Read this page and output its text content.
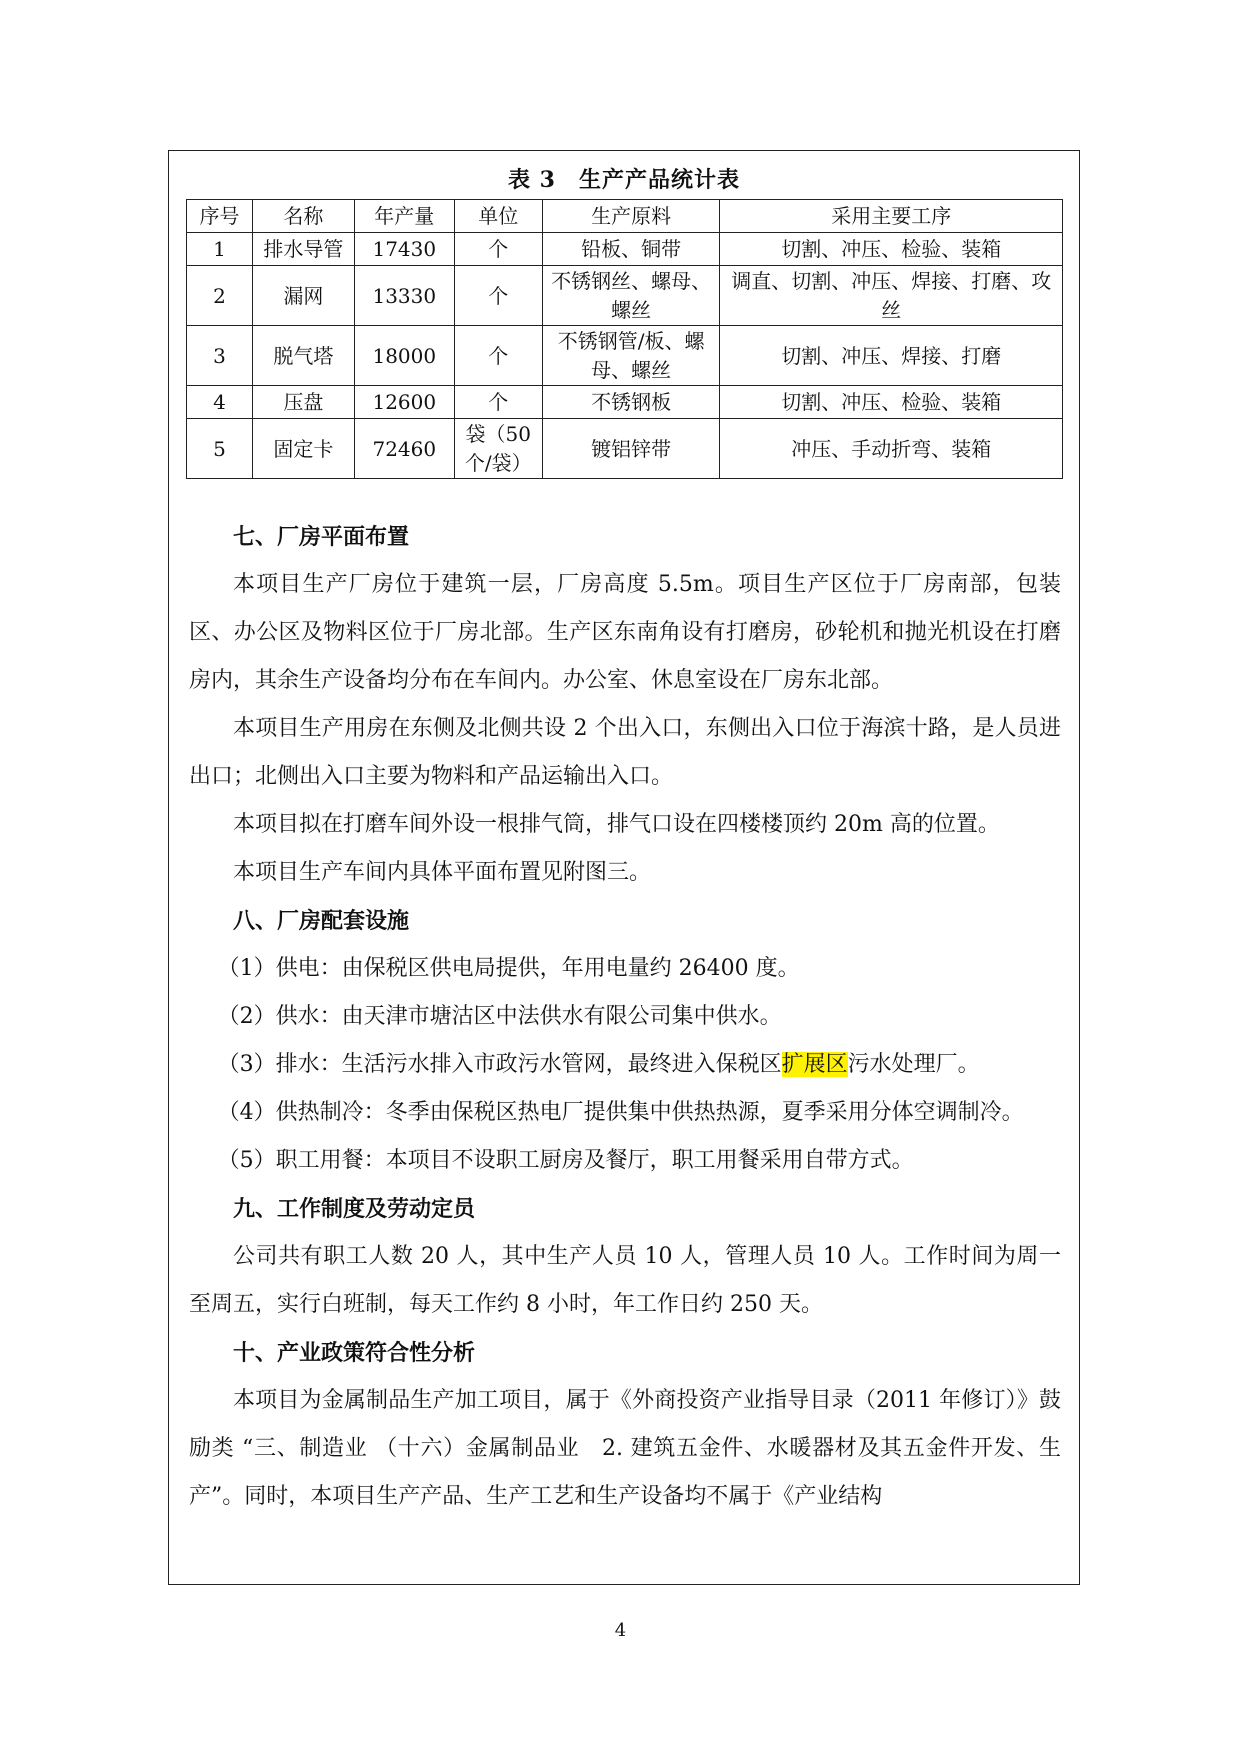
表 3　生产产品统计表
序号	名称	年产量	单位	生产原料	采用主要工序
1	排水导管	17430	个	铅板、铜带	切割、冲压、检验、装箱
2	漏网	13330	个	不锈钢丝、螺母、螺丝	调直、切割、冲压、焊接、打磨、攻丝
3	脱气塔	18000	个	不锈钢管/板、螺母、螺丝	切割、冲压、焊接、打磨
4	压盘	12600	个	不锈钢板	切割、冲压、检验、装箱
5	固定卡	72460	袋（50个/袋）	镀铝锌带	冲压、手动折弯、装箱
七、厂房平面布置

本项目生产厂房位于建筑一层，厂房高度 5.5m。项目生产区位于厂房南部，包装区、办公区及物料区位于厂房北部。生产区东南角设有打磨房，砂轮机和抛光机设在打磨房内，其余生产设备均分布在车间内。办公室、休息室设在厂房东北部。

本项目生产用房在东侧及北侧共设 2 个出入口，东侧出入口位于海滨十路，是人员进出口；北侧出入口主要为物料和产品运输出入口。

本项目拟在打磨车间外设一根排气筒，排气口设在四楼楼顶约 20m 高的位置。

本项目生产车间内具体平面布置见附图三。

八、厂房配套设施

（1）供电：由保税区供电局提供，年用电量约 26400 度。

（2）供水：由天津市塘沽区中法供水有限公司集中供水。

（3）排水：生活污水排入市政污水管网，最终进入保税区扩展区污水处理厂。

（4）供热制冷：冬季由保税区热电厂提供集中供热热源，夏季采用分体空调制冷。

（5）职工用餐：本项目不设职工厨房及餐厅，职工用餐采用自带方式。

九、工作制度及劳动定员

公司共有职工人数 20 人，其中生产人员 10 人，管理人员 10 人。工作时间为周一至周五，实行白班制，每天工作约 8 小时，年工作日约 250 天。

十、产业政策符合性分析

本项目为金属制品生产加工项目，属于《外商投资产业指导目录（2011 年修订）》鼓励类 “三、制造业 （十六）金属制品业　2. 建筑五金件、水暖器材及其五金件开发、生产”。同时，本项目生产产品、生产工艺和生产设备均不属于《产业结构

4
